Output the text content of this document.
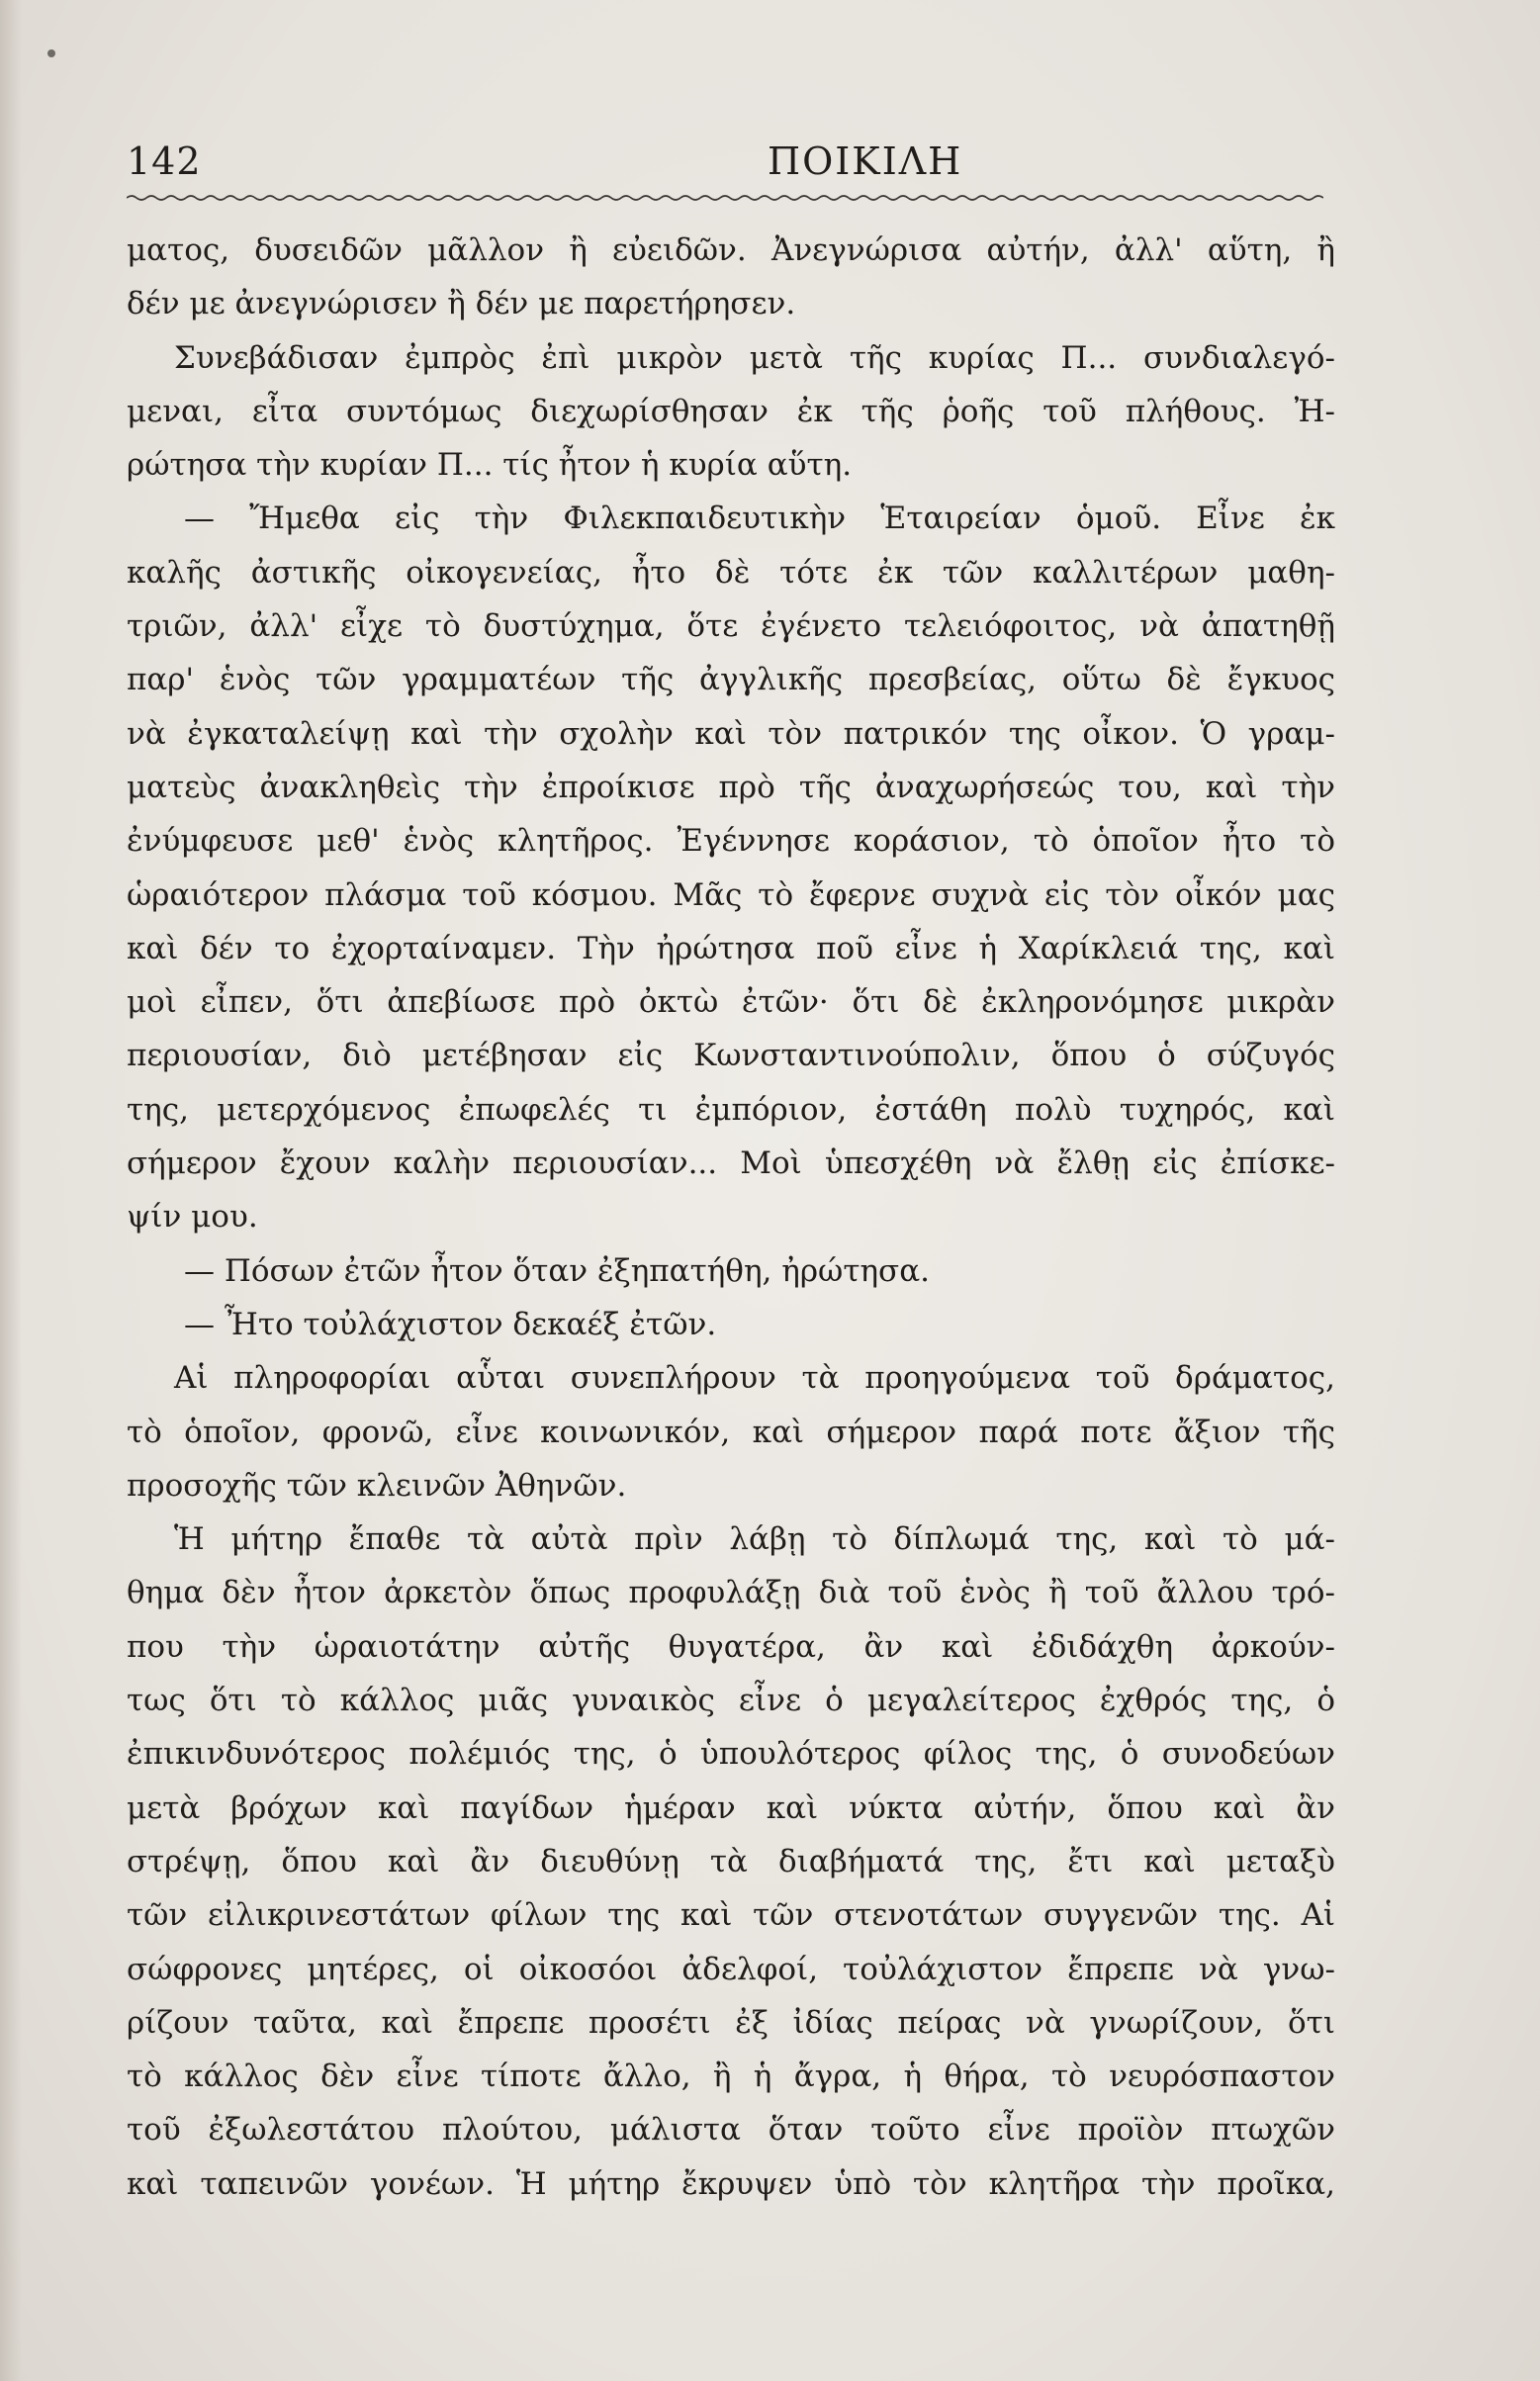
142	ΠΟΙΚΙΛΗ
ματος, δυσειδῶν μᾶλλον ἢ εὐειδῶν. Ἀνεγνώρισα αὐτήν, ἀλλ' αὕτη, ἢ
δέν με ἀνεγνώρισεν ἢ δέν με παρετήρησεν.
Συνεβάδισαν ἐμπρὸς ἐπὶ μικρὸν μετὰ τῆς κυρίας Π... συνδιαλεγό-
μεναι, εἶτα συντόμως διεχωρίσθησαν ἐκ τῆς ῥοῆς τοῦ πλήθους. Ἠ-
ρώτησα τὴν κυρίαν Π... τίς ἦτον ἡ κυρία αὕτη.
— Ἤμεθα εἰς τὴν Φιλεκπαιδευτικὴν Ἑταιρείαν ὁμοῦ. Εἶνε ἐκ
καλῆς ἀστικῆς οἰκογενείας, ἦτο δὲ τότε ἐκ τῶν καλλιτέρων μαθη-
τριῶν, ἀλλ' εἶχε τὸ δυστύχημα, ὅτε ἐγένετο τελειόφοιτος, νὰ ἀπατηθῇ
παρ' ἑνὸς τῶν γραμματέων τῆς ἀγγλικῆς πρεσβείας, οὕτω δὲ ἔγκυος
νὰ ἐγκαταλείψῃ καὶ τὴν σχολὴν καὶ τὸν πατρικόν της οἶκον. Ὁ γραμ-
ματεὺς ἀνακληθεὶς τὴν ἐπροίκισε πρὸ τῆς ἀναχωρήσεώς του, καὶ τὴν
ἐνύμφευσε μεθ' ἑνὸς κλητῆρος. Ἐγέννησε κοράσιον, τὸ ὁποῖον ἦτο τὸ
ὡραιότερον πλάσμα τοῦ κόσμου. Μᾶς τὸ ἔφερνε συχνὰ εἰς τὸν οἶκόν μας
καὶ δέν το ἐχορταίναμεν. Τὴν ἠρώτησα ποῦ εἶνε ἡ Χαρίκλειά της, καὶ
μοὶ εἶπεν, ὅτι ἀπεβίωσε πρὸ ὀκτὼ ἐτῶν· ὅτι δὲ ἐκληρονόμησε μικρὰν
περιουσίαν, διὸ μετέβησαν εἰς Κωνσταντινούπολιν, ὅπου ὁ σύζυγός
της, μετερχόμενος ἐπωφελές τι ἐμπόριον, ἐστάθη πολὺ τυχηρός, καὶ
σήμερον ἔχουν καλὴν περιουσίαν... Μοὶ ὑπεσχέθη νὰ ἔλθῃ εἰς ἐπίσκε-
ψίν μου.
— Πόσων ἐτῶν ἦτον ὅταν ἐξηπατήθη, ἠρώτησα.
— Ἦτο τοὐλάχιστον δεκαέξ ἐτῶν.
Αἱ πληροφορίαι αὗται συνεπλήρουν τὰ προηγούμενα τοῦ δράματος,
τὸ ὁποῖον, φρονῶ, εἶνε κοινωνικόν, καὶ σήμερον παρά ποτε ἄξιον τῆς
προσοχῆς τῶν κλεινῶν Ἀθηνῶν.
Ἡ μήτηρ ἔπαθε τὰ αὐτὰ πρὶν λάβῃ τὸ δίπλωμά της, καὶ τὸ μά-
θημα δὲν ἦτον ἀρκετὸν ὅπως προφυλάξῃ διὰ τοῦ ἑνὸς ἢ τοῦ ἄλλου τρό-
που τὴν ὡραιοτάτην αὐτῆς θυγατέρα, ἂν καὶ ἐδιδάχθη ἀρκούν-
τως ὅτι τὸ κάλλος μιᾶς γυναικὸς εἶνε ὁ μεγαλείτερος ἐχθρός της, ὁ
ἐπικινδυνότερος πολέμιός της, ὁ ὑπουλότερος φίλος της, ὁ συνοδεύων
μετὰ βρόχων καὶ παγίδων ἡμέραν καὶ νύκτα αὐτήν, ὅπου καὶ ἂν
στρέψῃ, ὅπου καὶ ἂν διευθύνῃ τὰ διαβήματά της, ἔτι καὶ μεταξὺ
τῶν εἰλικρινεστάτων φίλων της καὶ τῶν στενοτάτων συγγενῶν της. Αἱ
σώφρονες μητέρες, οἱ οἰκοσόοι ἀδελφοί, τοὐλάχιστον ἔπρεπε νὰ γνω-
ρίζουν ταῦτα, καὶ ἔπρεπε προσέτι ἐξ ἰδίας πείρας νὰ γνωρίζουν, ὅτι
τὸ κάλλος δὲν εἶνε τίποτε ἄλλο, ἢ ἡ ἄγρα, ἡ θήρα, τὸ νευρόσπαστον
τοῦ ἐξωλεστάτου πλούτου, μάλιστα ὅταν τοῦτο εἶνε προϊὸν πτωχῶν
καὶ ταπεινῶν γονέων. Ἡ μήτηρ ἔκρυψεν ὑπὸ τὸν κλητῆρα τὴν προῖκα,
